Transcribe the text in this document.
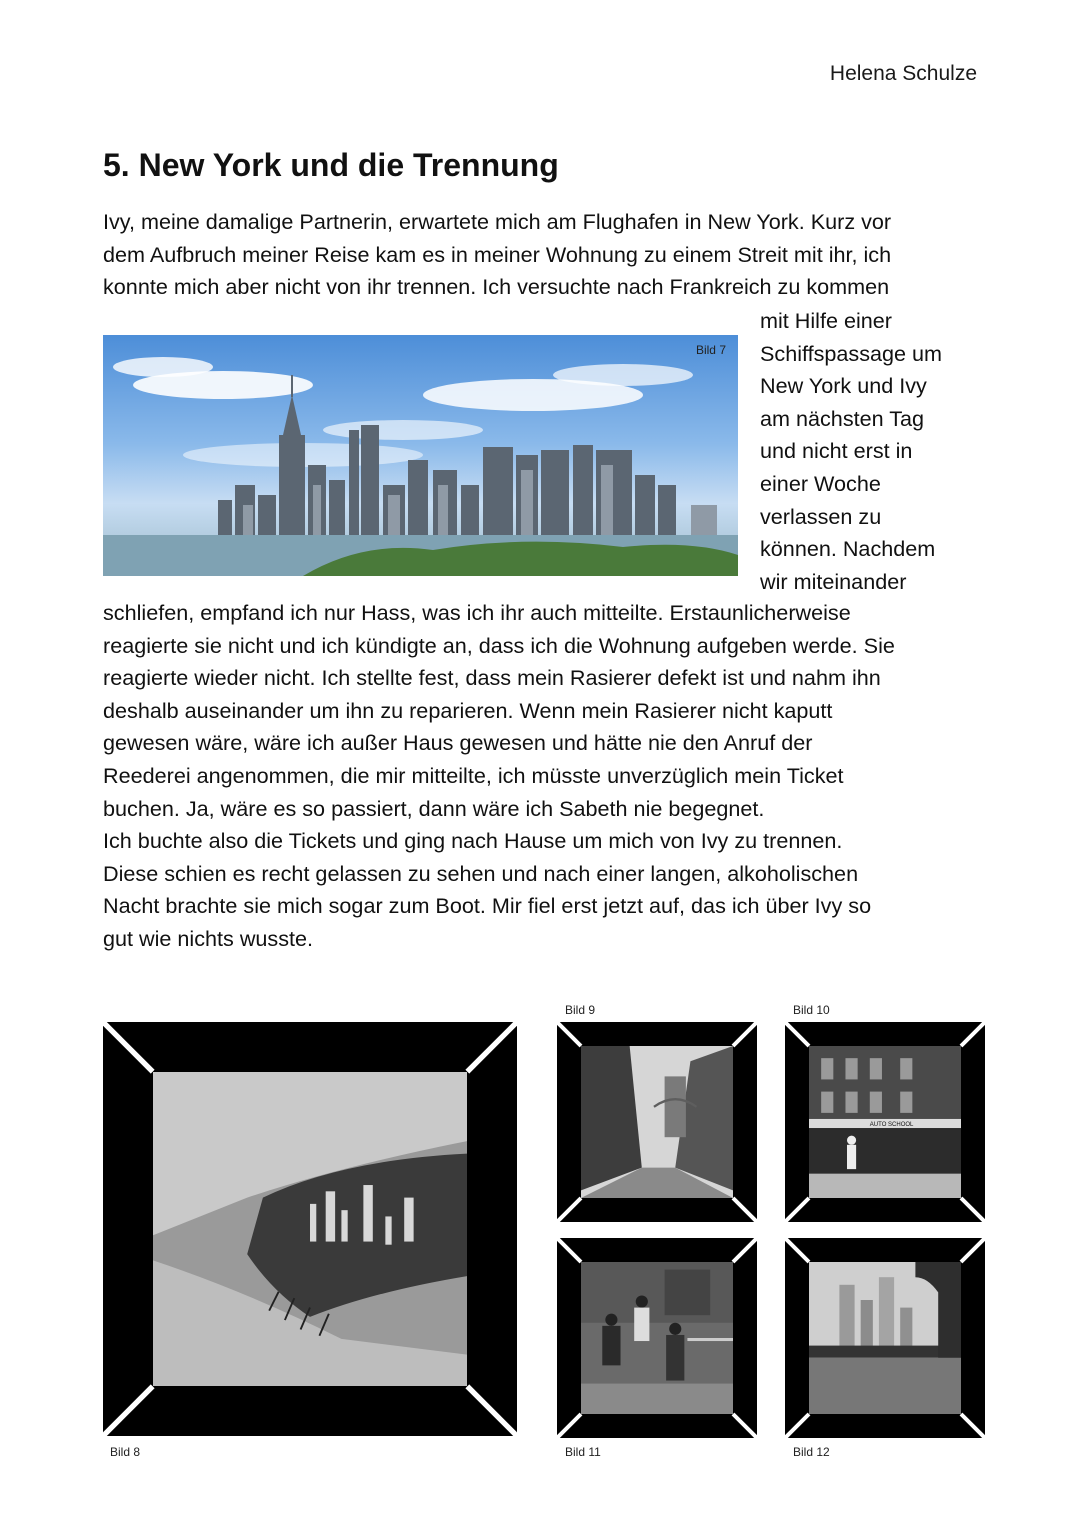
Helena Schulze
5. New York und die Trennung

Ivy, meine damalige Partnerin, erwartete mich am Flughafen in New York. Kurz vor
dem Aufbruch meiner Reise kam es in meiner Wohnung zu einem Streit mit ihr, ich
konnte mich aber nicht von ihr trennen. Ich versuchte nach Frankreich zu kommen

Bild 7

mit Hilfe einer
Schiffspassage um
New York und Ivy
am nächsten Tag
und nicht erst in
einer Woche
verlassen zu
können. Nachdem
wir miteinander

schliefen, empfand ich nur Hass, was ich ihr auch mitteilte. Erstaunlicherweise
reagierte sie nicht und ich kündigte an, dass ich die Wohnung aufgeben werde. Sie
reagierte wieder nicht. Ich stellte fest, dass mein Rasierer defekt ist und nahm ihn
deshalb auseinander um ihn zu reparieren. Wenn mein Rasierer nicht kaputt
gewesen wäre, wäre ich außer Haus gewesen und hätte nie den Anruf der
Reederei angenommen, die mir mitteilte, ich müsste unverzüglich mein Ticket
buchen. Ja, wäre es so passiert, dann wäre ich Sabeth nie begegnet.
Ich buchte also die Tickets und ging nach Hause um mich von Ivy zu trennen.
Diese schien es recht gelassen zu sehen und nach einer langen, alkoholischen
Nacht brachte sie mich sogar zum Boot. Mir fiel erst jetzt auf, das ich über Ivy so
gut wie nichts wusste.

Bild 8
Bild 9	Bild 10
AUTO SCHOOL
Bild 11	Bild 12
